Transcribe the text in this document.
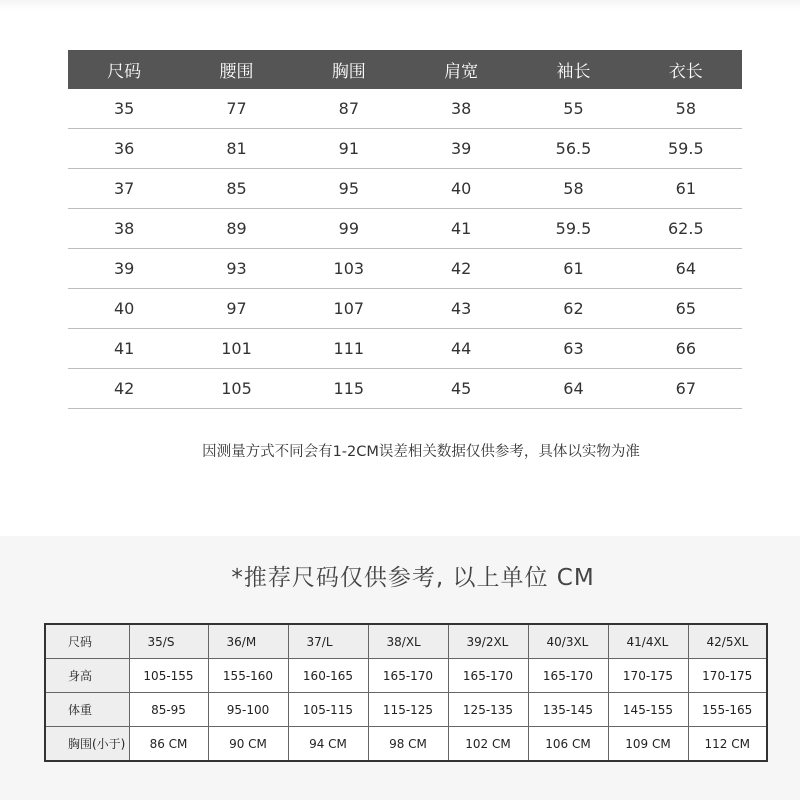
尺码	腰围	胸围	肩宽	袖长	衣长
35	77	87	38	55	58
36	81	91	39	56.5	59.5
37	85	95	40	58	61
38	89	99	41	59.5	62.5
39	93	103	42	61	64
40	97	107	43	62	65
41	101	111	44	63	66
42	105	115	45	64	67
因测量方式不同会有1-2CM误差相关数据仅供参考，具体以实物为准
*推荐尺码仅供参考, 以上单位 CM
尺码	35/S	36/M	37/L	38/XL	39/2XL	40/3XL	41/4XL	42/5XL
身高	105-155	155-160	160-165	165-170	165-170	165-170	170-175	170-175
体重	85-95	95-100	105-115	115-125	125-135	135-145	145-155	155-165
胸围(小于)	86 CM	90 CM	94 CM	98 CM	102 CM	106 CM	109 CM	112 CM
